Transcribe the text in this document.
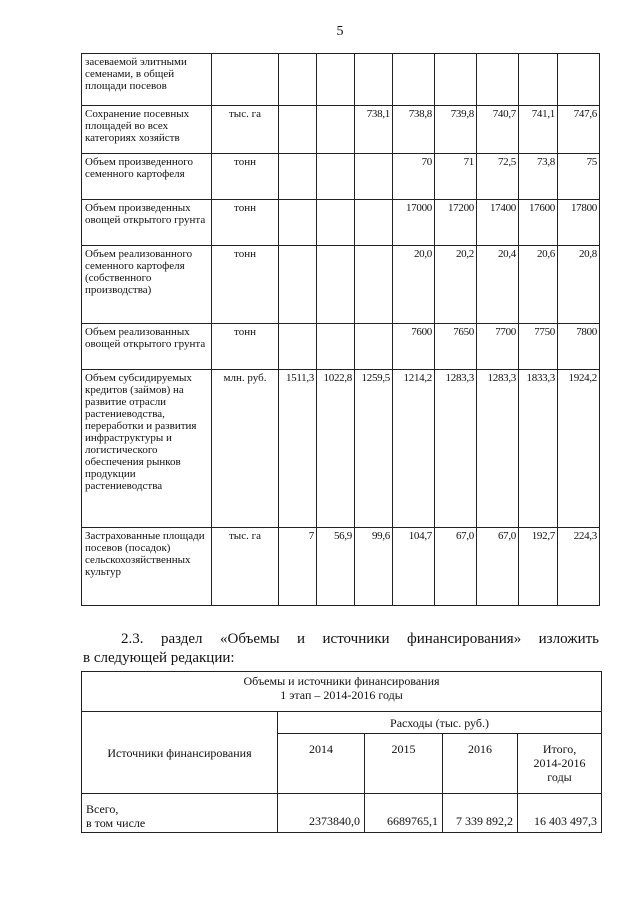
5
засеваемой элитными семенами, в общей площади посевов									
Сохранение посевных площадей во всех категориях хозяйств	тыс. га			738,1	738,8	739,8	740,7	741,1	747,6
Объем произведенного семенного картофеля	тонн				70	71	72,5	73,8	75
Объем произведенных овощей открытого грунта	тонн				17000	17200	17400	17600	17800
Объем реализованного семенного картофеля (собственного производства)	тонн				20,0	20,2	20,4	20,6	20,8
Объем реализованных овощей открытого грунта	тонн				7600	7650	7700	7750	7800
Объем субсидируемых кредитов (займов) на развитие отрасли растениеводства, переработки и развития инфраструктуры и логистического обеспечения рынков продукции растениеводства	млн. руб.	1511,3	1022,8	1259,5	1214,2	1283,3	1283,3	1833,3	1924,2
Застрахованные площади посевов (посадок) сельскохозяйственных культур	тыс. га	7	56,9	99,6	104,7	67,0	67,0	192,7	224,3
2.3. раздел «Объемы и источники финансирования» изложить
в следующей редакции:
Объемы и источники финансирования
1 этап – 2014-2016 годы				

Источники финансирования	Расходы (тыс. руб.)			
	2014	2015	2016	Итого,
2014-2016
годы

Всего,
в том числе	2373840,0	6689765,1	7 339 892,2	16 403 497,3
